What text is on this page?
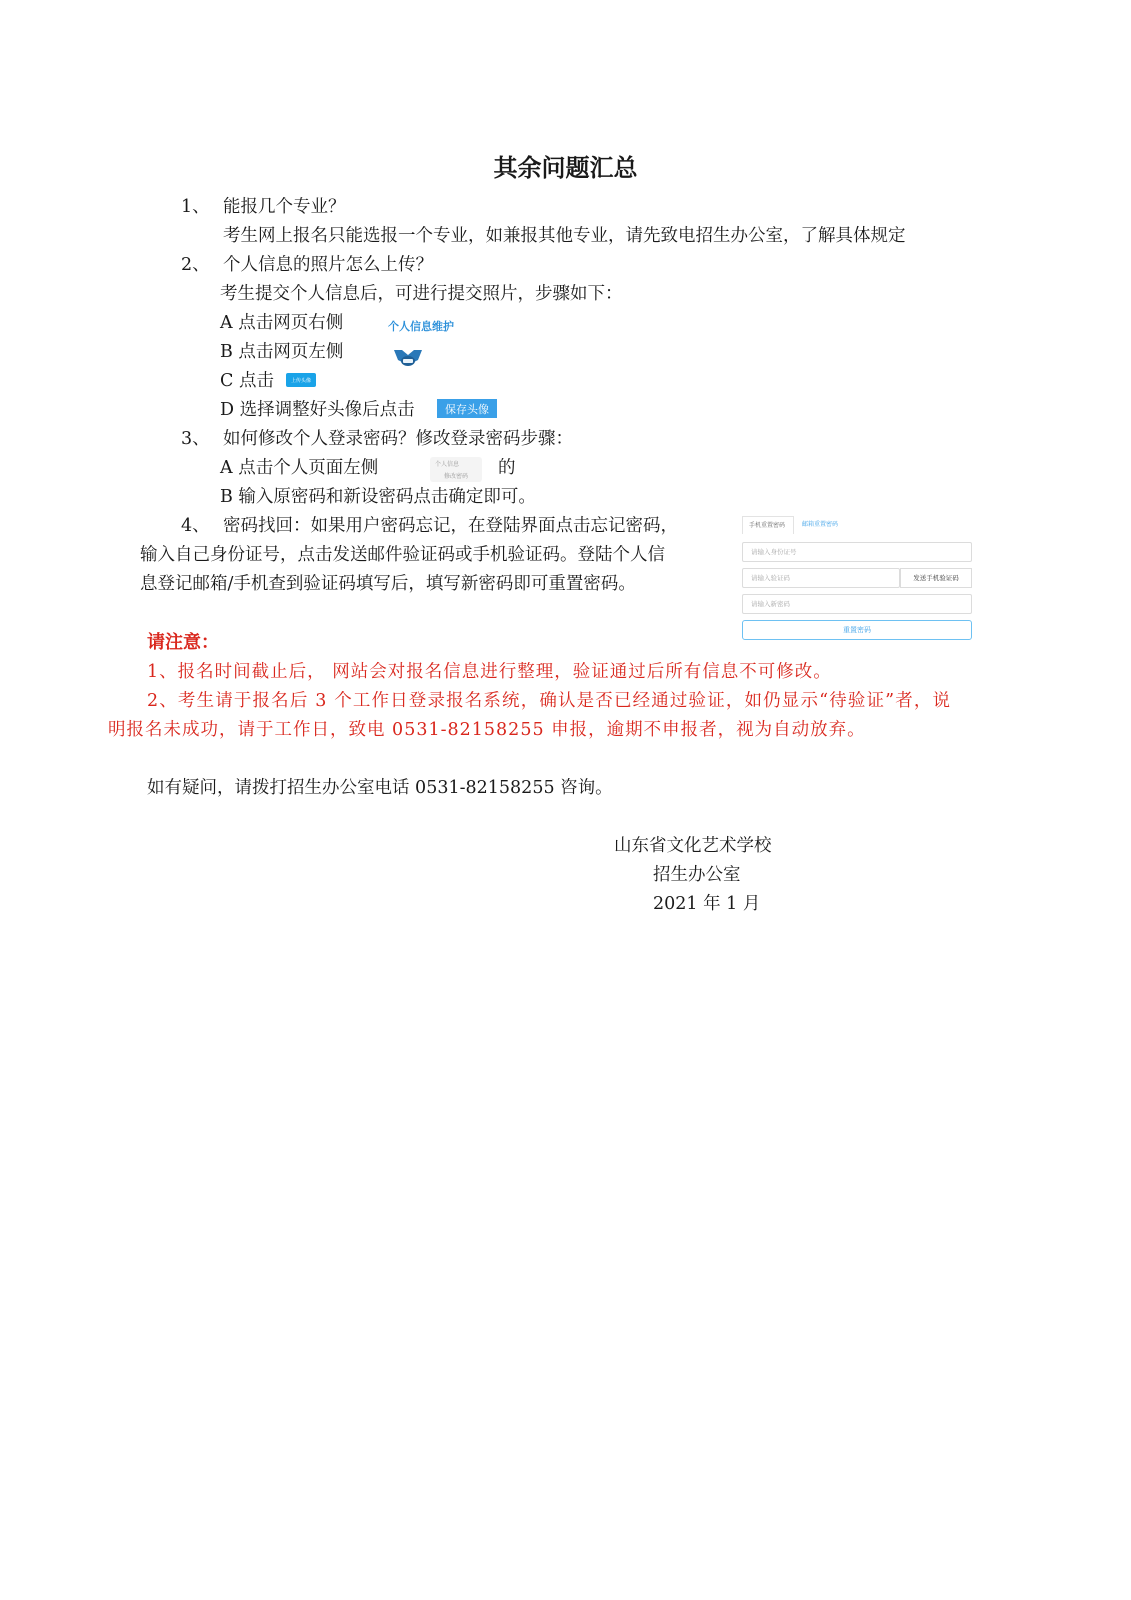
其余问题汇总
1、 能报几个专业？
考生网上报名只能选报一个专业，如兼报其他专业，请先致电招生办公室，了解具体规定
2、 个人信息的照片怎么上传？
考生提交个人信息后，可进行提交照片，步骤如下：
A 点击网页右侧	个人信息维护
B 点击网页左侧
C 点击	上传头像
D 选择调整好头像后点击	保存头像
3、 如何修改个人登录密码？修改登录密码步骤：
A 点击个人页面左侧	个人信息
修改密码 的
B 输入原密码和新设密码点击确定即可。
4、 密码找回：如果用户密码忘记，在登陆界面点击忘记密码，
输入自己身份证号，点击发送邮件验证码或手机验证码。登陆个人信
息登记邮箱/手机查到验证码填写后，填写新密码即可重置密码。
手机重置密码	邮箱重置密码
请输入身份证号
请输入验证码	发送手机验证码
请输入新密码
重置密码
请注意：
1、报名时间截止后， 网站会对报名信息进行整理，验证通过后所有信息不可修改。
2、考生请于报名后 3 个工作日登录报名系统，确认是否已经通过验证，如仍显示“待验证”者，说
明报名未成功，请于工作日，致电 0531-82158255 申报，逾期不申报者，视为自动放弃。
如有疑问，请拨打招生办公室电话 0531-82158255 咨询。
山东省文化艺术学校
招生办公室
2021 年 1 月
